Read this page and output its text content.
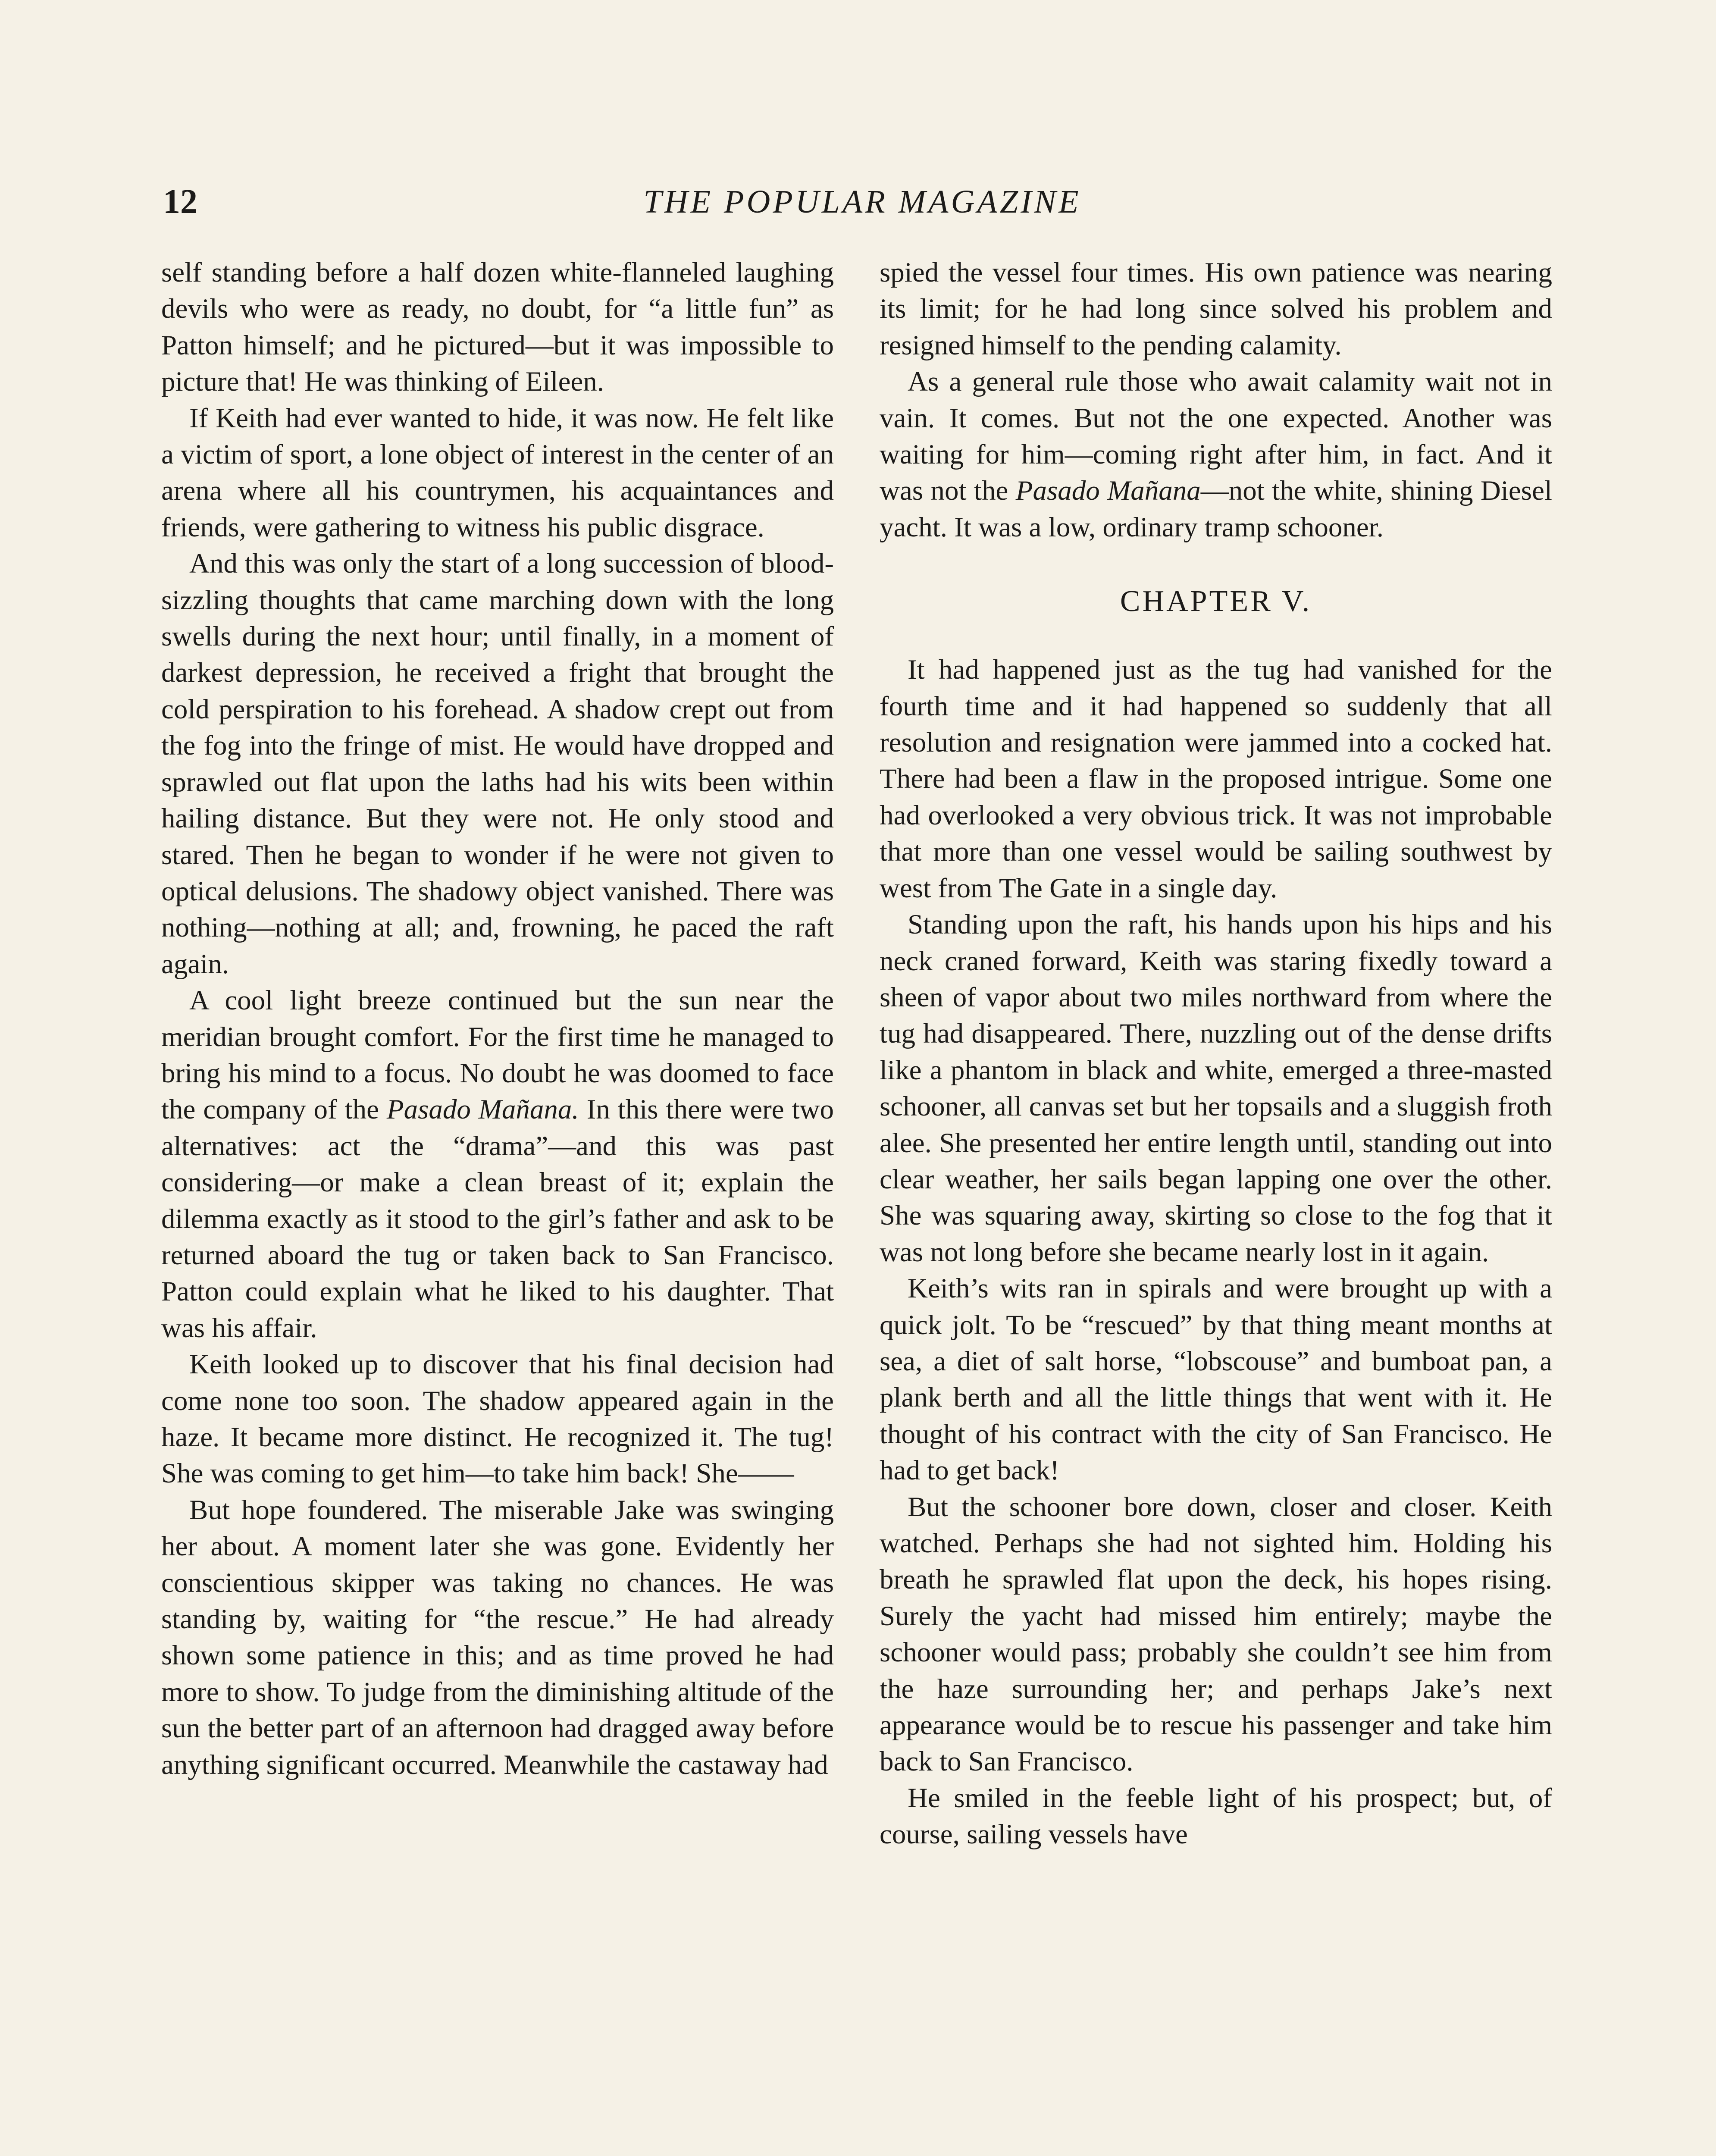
12	THE POPULAR MAGAZINE

self standing before a half dozen white-flanneled laughing devils who were as ready, no doubt, for “a little fun” as Patton himself; and he pictured—but it was impossible to picture that! He was thinking of Eileen.

If Keith had ever wanted to hide, it was now. He felt like a victim of sport, a lone object of interest in the center of an arena where all his countrymen, his acquaintances and friends, were gathering to witness his public disgrace.

And this was only the start of a long succession of blood-sizzling thoughts that came marching down with the long swells during the next hour; until finally, in a moment of darkest depression, he received a fright that brought the cold perspiration to his forehead. A shadow crept out from the fog into the fringe of mist. He would have dropped and sprawled out flat upon the laths had his wits been within hailing distance. But they were not. He only stood and stared. Then he began to wonder if he were not given to optical delusions. The shadowy object vanished. There was nothing—nothing at all; and, frowning, he paced the raft again.

A cool light breeze continued but the sun near the meridian brought comfort. For the first time he managed to bring his mind to a focus. No doubt he was doomed to face the company of the Pasado Mañana. In this there were two alternatives: act the “drama”—and this was past considering—or make a clean breast of it; explain the dilemma exactly as it stood to the girl’s father and ask to be returned aboard the tug or taken back to San Francisco. Patton could explain what he liked to his daughter. That was his affair.

Keith looked up to discover that his final decision had come none too soon. The shadow appeared again in the haze. It became more distinct. He recognized it. The tug! She was coming to get him—to take him back! She——

But hope foundered. The miserable Jake was swinging her about. A moment later she was gone. Evidently her conscientious skipper was taking no chances. He was standing by, waiting for “the rescue.” He had already shown some patience in this; and as time proved he had more to show. To judge from the diminishing altitude of the sun the better part of an afternoon had dragged away before anything significant occurred. Meanwhile the castaway had

spied the vessel four times. His own patience was nearing its limit; for he had long since solved his problem and resigned himself to the pending calamity.

As a general rule those who await calamity wait not in vain. It comes. But not the one expected. Another was waiting for him—coming right after him, in fact. And it was not the Pasado Mañana—not the white, shining Diesel yacht. It was a low, ordinary tramp schooner.

CHAPTER V.

It had happened just as the tug had vanished for the fourth time and it had happened so suddenly that all resolution and resignation were jammed into a cocked hat. There had been a flaw in the proposed intrigue. Some one had overlooked a very obvious trick. It was not improbable that more than one vessel would be sailing southwest by west from The Gate in a single day.

Standing upon the raft, his hands upon his hips and his neck craned forward, Keith was staring fixedly toward a sheen of vapor about two miles northward from where the tug had disappeared. There, nuzzling out of the dense drifts like a phantom in black and white, emerged a three-masted schooner, all canvas set but her topsails and a sluggish froth alee. She presented her entire length until, standing out into clear weather, her sails began lapping one over the other. She was squaring away, skirting so close to the fog that it was not long before she became nearly lost in it again.

Keith’s wits ran in spirals and were brought up with a quick jolt. To be “rescued” by that thing meant months at sea, a diet of salt horse, “lobscouse” and bumboat pan, a plank berth and all the little things that went with it. He thought of his contract with the city of San Francisco. He had to get back!

But the schooner bore down, closer and closer. Keith watched. Perhaps she had not sighted him. Holding his breath he sprawled flat upon the deck, his hopes rising. Surely the yacht had missed him entirely; maybe the schooner would pass; probably she couldn’t see him from the haze surrounding her; and perhaps Jake’s next appearance would be to rescue his passenger and take him back to San Francisco.

He smiled in the feeble light of his prospect; but, of course, sailing vessels have
